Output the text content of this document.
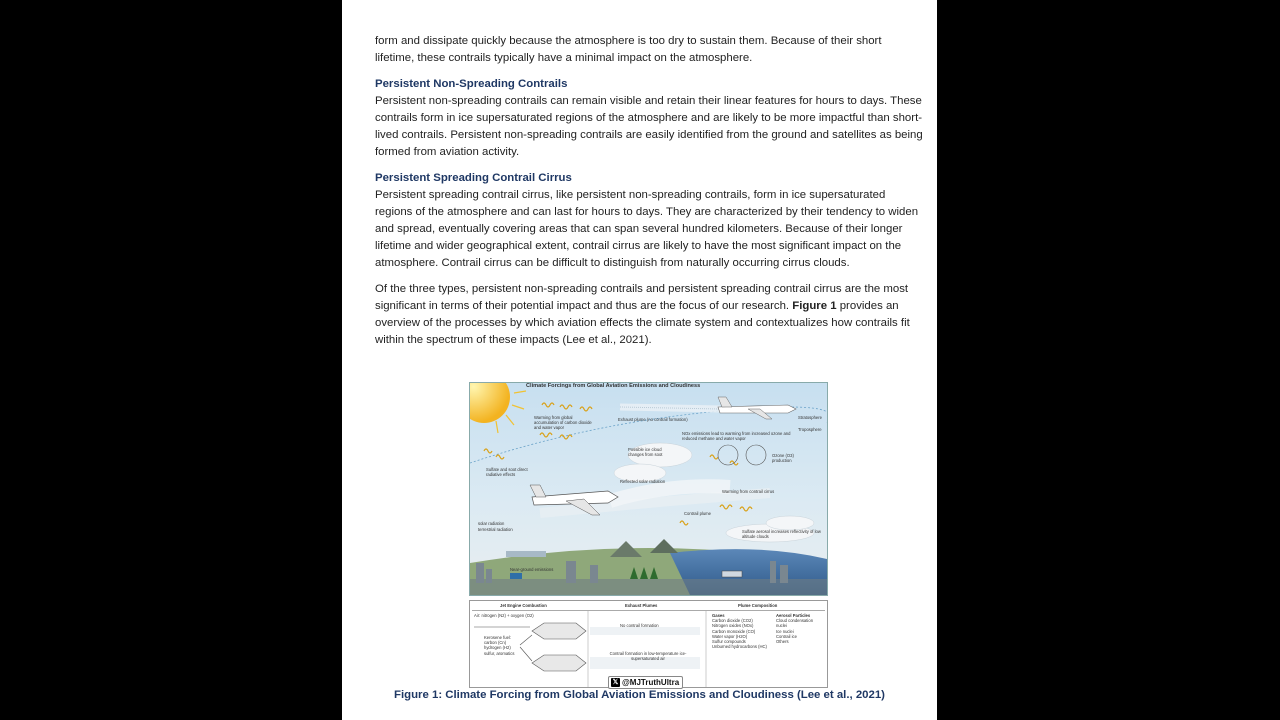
form and dissipate quickly because the atmosphere is too dry to sustain them. Because of their short lifetime, these contrails typically have a minimal impact on the atmosphere.

Persistent Non-Spreading Contrails

Persistent non-spreading contrails can remain visible and retain their linear features for hours to days. These contrails form in ice supersaturated regions of the atmosphere and are likely to be more impactful than short-lived contrails. Persistent non-spreading contrails are easily identified from the ground and satellites as being formed from aviation activity.

Persistent Spreading Contrail Cirrus

Persistent spreading contrail cirrus, like persistent non-spreading contrails, form in ice supersaturated regions of the atmosphere and can last for hours to days. They are characterized by their tendency to widen and spread, eventually covering areas that can span several hundred kilometers. Because of their longer lifetime and wider geographical extent, contrail cirrus are likely to have the most significant impact on the atmosphere. Contrail cirrus can be difficult to distinguish from naturally occurring cirrus clouds.

Of the three types, persistent non-spreading contrails and persistent spreading contrail cirrus are the most significant in terms of their potential impact and thus are the focus of our research. Figure 1 provides an overview of the processes by which aviation effects the climate system and contextualizes how contrails fit within the spectrum of these impacts (Lee et al., 2021).

Climate Forcings from Global Aviation Emissions and Cloudiness
Warming from global accumulation of carbon dioxide and water vapor
Exhaust plume (no contrail formation)	Stratosphere
Troposphere
NOx emissions lead to warming from increased ozone and reduced methane and water vapor
Possible ice cloud changes from soot	Ozone (O3) production
Sulfate and soot direct radiative effects
Reflected solar radiation
Warming from contrail cirrus
Contrail plume
solar radiation
terrestrial radiation	Sulfate aerosol increases reflectivity of low altitude clouds
Near-ground emissions
Jet Engine Combustion	Exhaust Plumes	Plume Composition
Air: nitrogen (N2) + oxygen (O2)
Kerosene fuel:
carbon (Cn)
hydrogen (H2)
sulfur, aromatics
No contrail formation
Contrail formation in low-temperature ice-supersaturated air
Gases
Carbon dioxide (CO2)
Nitrogen oxides (NOx)
Carbon monoxide (CO)
Water vapor (H2O)
Sulfur compounds
Unburned hydrocarbons (HC)
Aerosol Particles
Cloud condensation nuclei
Ice nuclei
Contrail ice
Others
𝕏 @MJTruthUltra
Figure 1: Climate Forcing from Global Aviation Emissions and Cloudiness (Lee et al., 2021)
